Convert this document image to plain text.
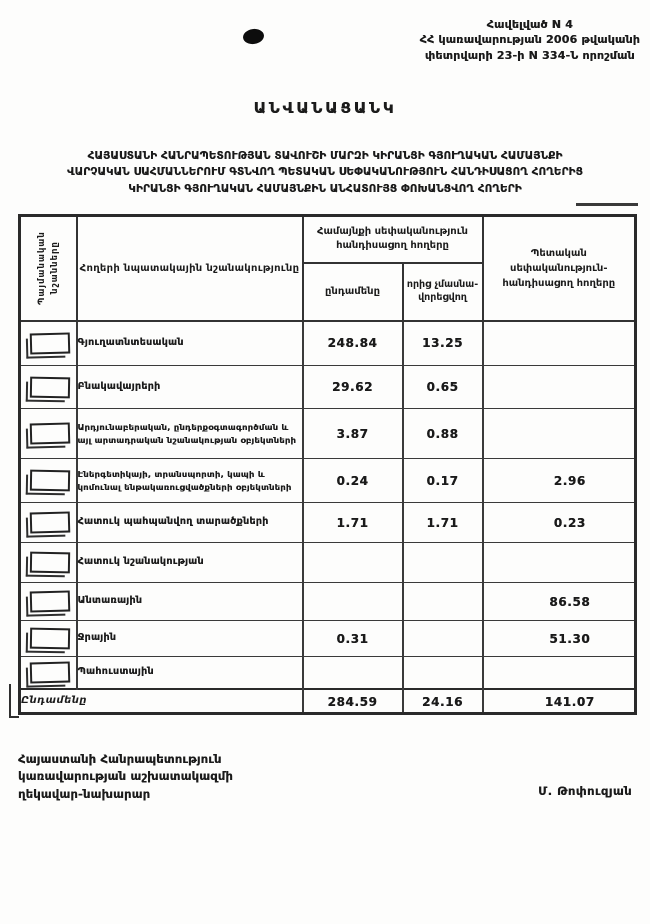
Հավելված N 4
ՀՀ կառավարության 2006 թվականի
փետրվարի 23-ի N 334-Ն որոշման
ԱՆՎԱՆԱՑԱՆԿ
ՀԱՅԱՍՏԱՆԻ ՀԱՆՐԱՊԵՏՈՒԹՅԱՆ ՏԱՎՈՒՇԻ ՄԱՐԶԻ ԿԻՐԱՆՑԻ ԳՅՈՒՂԱԿԱՆ ՀԱՄԱՅՆՔԻ
ՎԱՐՉԱԿԱՆ ՍԱՀՄԱՆՆԵՐՈՒՄ ԳՏՆՎՈՂ ՊԵՏԱԿԱՆ ՍԵՓԱԿԱՆՈՒԹՅՈՒՆ ՀԱՆԴԻՍԱՑՈՂ ՀՈՂԵՐԻՑ
ԿԻՐԱՆՑԻ ԳՅՈՒՂԱԿԱՆ ՀԱՄԱՅՆՔԻՆ ԱՆՀԱՏՈՒՅՑ ՓՈԽԱՆՑՎՈՂ ՀՈՂԵՐԻ
Պայմանական նշանները	Հողերի նպատակային նշանակությունը	Համայնքի սեփականություն հանդիսացող հողերը		Պետական սեփականություն- հանդիսացող հողերը
		ընդամենը	որից չմասնա- վորեցվող	

	Գյուղատնտեսական	248.84	13.25	

	Բնակավայրերի	29.62	0.65	

	Արդյունաբերական, ընդերքօգտագործման և այլ արտադրական նշանակության օբյեկտների	3.87	0.88	

	Էներգետիկայի, տրանսպորտի, կապի և կոմունալ ենթակառուցվածքների օբյեկտների	0.24	0.17	2.96

	Հատուկ պահպանվող տարածքների	1.71	1.71	0.23

	Հատուկ նշանակության			

	Անտառային			86.58

	Ջրային	0.31		51.30

	Պահուստային			
Ընդամենը		284.59	24.16	141.07
Հայաստանի Հանրապետություն
կառավարության աշխատակազմի
ղեկավար-նախարար	Մ. Թոփուզյան
